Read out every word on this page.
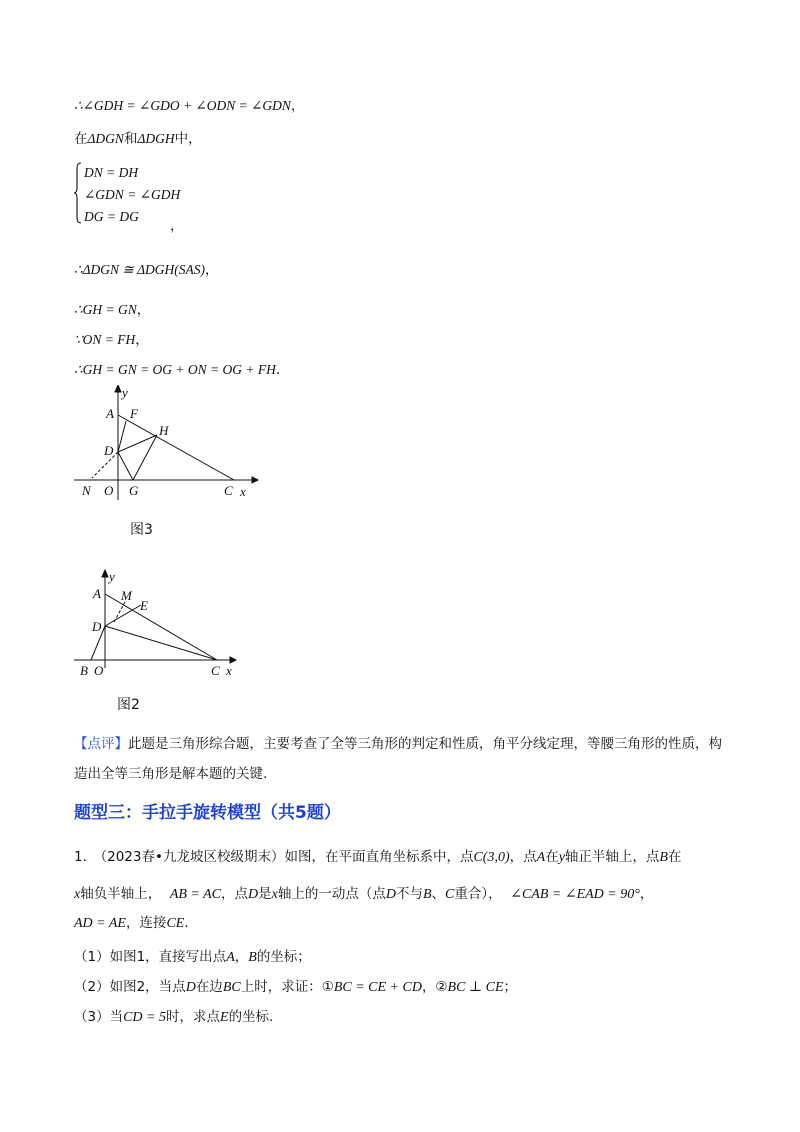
∴∠GDH = ∠GDO + ∠ODN = ∠GDN，
在ΔDGN和ΔDGH中，
DN = DH
∠GDN = ∠GDH
DG = DG
，
∴ΔDGN ≅ ΔDGH(SAS)，
∴GH = GN，
∵ON = FH，
∴GH = GN = OG + ON = OG + FH.
y
A F
H
D
N O G	C x
图3
y
A M
E
D
B O	C x
图2
【点评】此题是三角形综合题，主要考查了全等三角形的判定和性质，角平分线定理，等腰三角形的性质，构造出全等三角形是解本题的关键.
题型三：手拉手旋转模型（共5题）
1.　（2023春•九龙坡区校级期末）如图，在平面直角坐标系中，点C(3,0)，点A在y轴正半轴上，点B在
x轴负半轴上， AB = AC，点D是x轴上的一动点（点D不与B、C重合）， ∠CAB = ∠EAD = 90°，
AD = AE，连接CE.
（1）如图1，直接写出点A，B的坐标；
（2）如图2，当点D在边BC上时，求证：①BC = CE + CD，②BC ⊥ CE；
（3）当CD = 5时，求点E的坐标.
